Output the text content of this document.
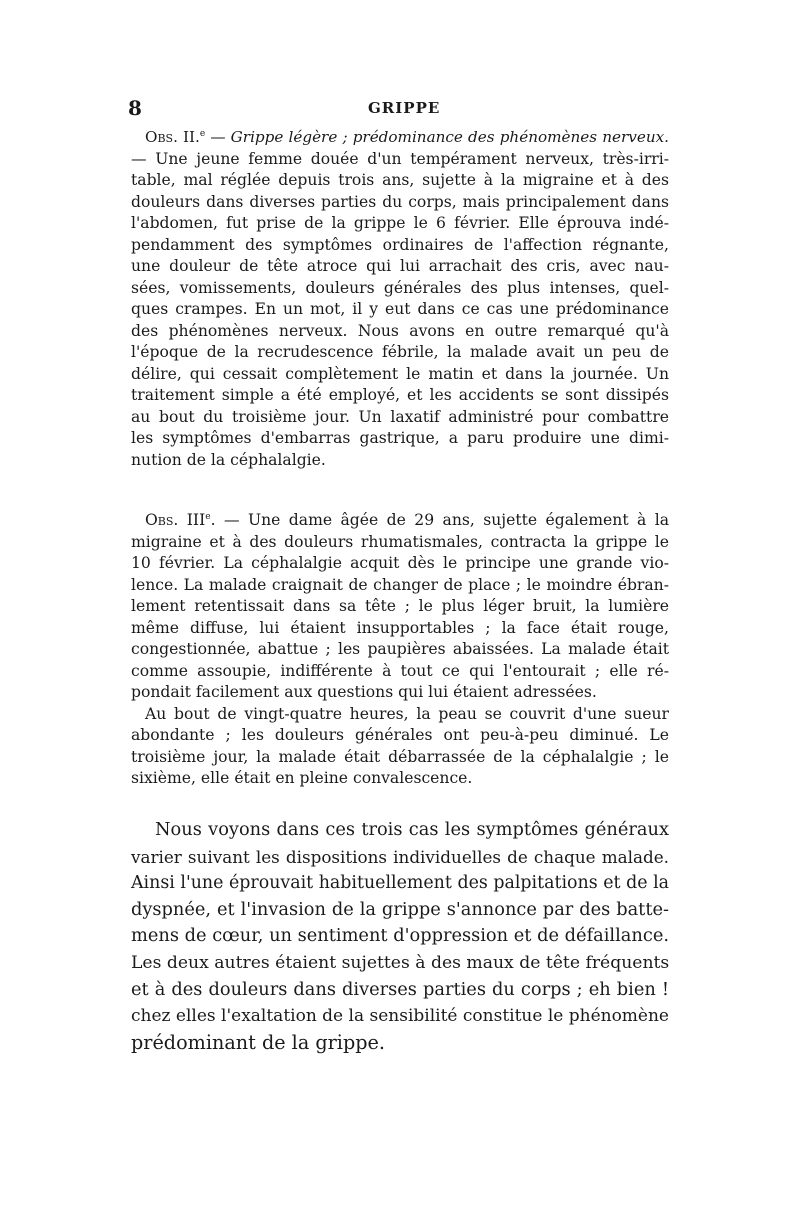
8	GRIPPE
Obs. II.$^e$ — Grippe légère ; prédominance des phénomènes nerveux.
— Une jeune femme douée d'un tempérament nerveux, très-irri-
table, mal réglée depuis trois ans, sujette à la migraine et à des
douleurs dans diverses parties du corps, mais principalement dans
l'abdomen, fut prise de la grippe le 6 février. Elle éprouva indé-
pendamment des symptômes ordinaires de l'affection régnante,
une douleur de tête atroce qui lui arrachait des cris, avec nau-
sées, vomissements, douleurs générales des plus intenses, quel-
ques crampes. En un mot, il y eut dans ce cas une prédominance
des phénomènes nerveux. Nous avons en outre remarqué qu'à
l'époque de la recrudescence fébrile, la malade avait un peu de
délire, qui cessait complètement le matin et dans la journée. Un
traitement simple a été employé, et les accidents se sont dissipés
au bout du troisième jour. Un laxatif administré pour combattre
les symptômes d'embarras gastrique, a paru produire une dimi-
nution de la céphalalgie.
Obs. IIIe. — Une dame âgée de 29 ans, sujette également à la
migraine et à des douleurs rhumatismales, contracta la grippe le
10 février. La céphalalgie acquit dès le principe une grande vio-
lence. La malade craignait de changer de place ; le moindre ébran-
lement retentissait dans sa tête ; le plus léger bruit, la lumière
même diffuse, lui étaient insupportables ; la face était rouge,
congestionnée, abattue ; les paupières abaissées. La malade était
comme assoupie, indifférente à tout ce qui l'entourait ; elle ré-
pondait facilement aux questions qui lui étaient adressées.
Au bout de vingt-quatre heures, la peau se couvrit d'une sueur
abondante ; les douleurs générales ont peu-à-peu diminué. Le
troisième jour, la malade était débarrassée de la céphalalgie ; le
sixième, elle était en pleine convalescence.
Nous voyons dans ces trois cas les symptômes généraux
varier suivant les dispositions individuelles de chaque malade.
Ainsi l'une éprouvait habituellement des palpitations et de la
dyspnée, et l'invasion de la grippe s'annonce par des batte-
mens de cœur, un sentiment d'oppression et de défaillance.
Les deux autres étaient sujettes à des maux de tête fréquents
et à des douleurs dans diverses parties du corps ; eh bien !
chez elles l'exaltation de la sensibilité constitue le phénomène
prédominant de la grippe.
